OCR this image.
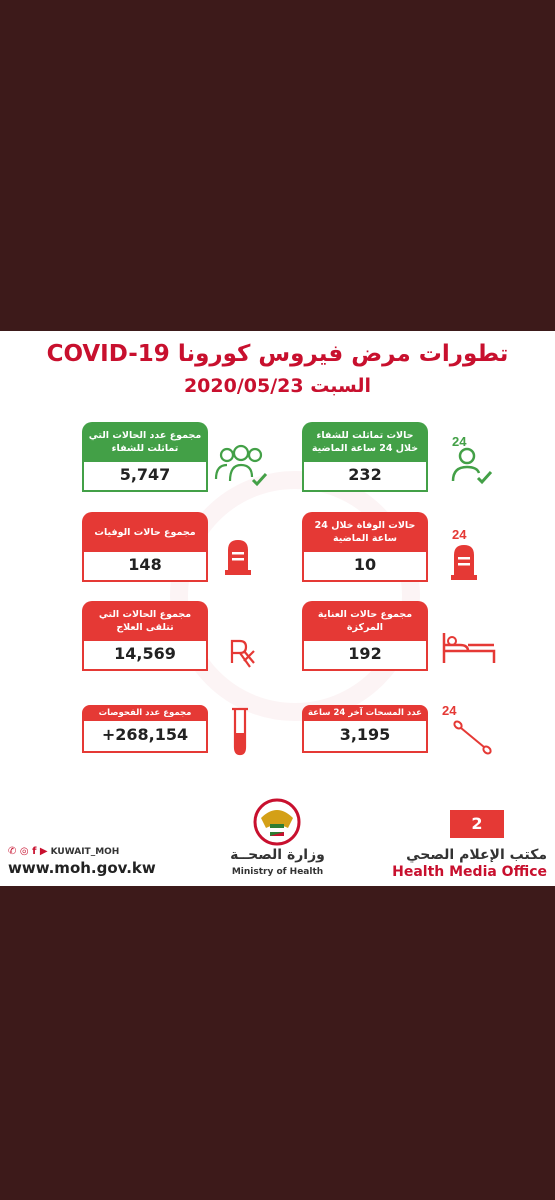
تطورات مرض فيروس كورونا COVID-19
السبت 2020/05/23
حالات تماثلت للشفاء خلال 24 ساعة الماضية
232
24
مجموع عدد الحالات التي تماثلت للشفاء
5,747
حالات الوفاة خلال 24 ساعة الماضية
10
24
مجموع حالات الوفيات
148
مجموع حالات العناية المركزة
192
مجموع الحالات التي تتلقى العلاج
14,569
عدد المسحات آخر 24 ساعة
3,195
24
مجموع عدد الفحوصات
+268,154
✆ ◎ f ▶ KUWAIT_MOH
www.moh.gov.kw
وزارة الصحــة
Ministry of Health
2
مكتب الإعلام الصحي
Health Media Office
